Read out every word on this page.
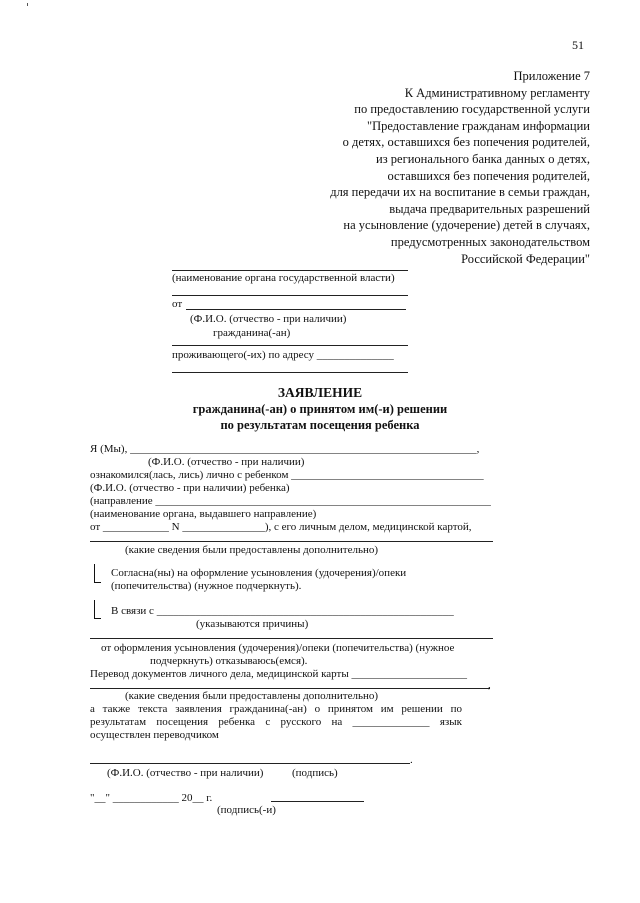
51
Приложение 7
К Административному регламенту
по предоставлению государственной услуги
"Предоставление гражданам информации
о детях, оставшихся без попечения родителей,
из регионального банка данных о детях,
оставшихся без попечения родителей,
для передачи их на воспитание в семьи граждан,
выдача предварительных разрешений
на усыновление (удочерение) детей в случаях,
предусмотренных законодательством
Российской Федерации"
(наименование органа государственной власти)
от
(Ф.И.О. (отчество - при наличии)
гражданина(-ан)
проживающего(-их) по адресу ______________
ЗАЯВЛЕНИЕ
гражданина(-ан) о принятом им(-и) решении
по результатам посещения ребенка
Я (Мы), _______________________________________________________________,
(Ф.И.О. (отчество - при наличии)
ознакомился(лась, лись) лично с ребенком ___________________________________
(Ф.И.О. (отчество - при наличии) ребенка)
(направление _____________________________________________________________
(наименование органа, выдавшего направление)
от ____________ N _______________), с его личным делом, медицинской картой,
(какие сведения были предоставлены дополнительно)
Согласна(ны) на оформление усыновления (удочерения)/опеки
(попечительства) (нужное подчеркнуть).
В связи с ______________________________________________________
(указываются причины)
от оформления усыновления (удочерения)/опеки (попечительства) (нужное
подчеркнуть) отказываюсь(емся).
Перевод документов личного дела, медицинской карты _____________________
,
(какие сведения были предоставлены дополнительно)
а также текста заявления гражданина(-ан) о принятом им решении по результатам посещения ребенка с русского на ______________ язык осуществлен переводчиком
.
(Ф.И.О. (отчество - при наличии)	(подпись)
"__" ____________ 20__ г.
(подпись(-и)
